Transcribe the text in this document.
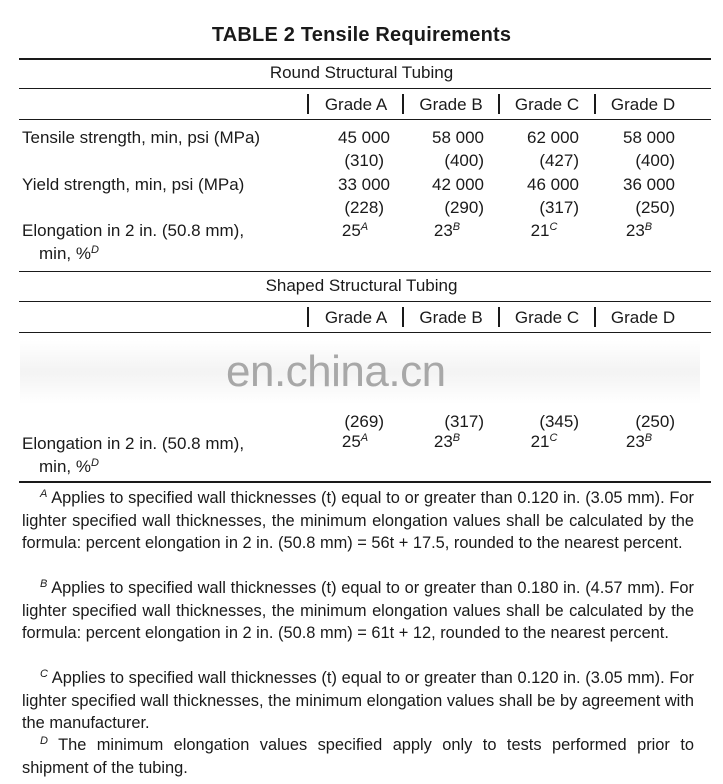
TABLE 2 Tensile Requirements
Round Structural Tubing
Grade A	Grade B	Grade C	Grade D
Tensile strength, min, psi (MPa)	45 000	58 000	62 000	58 000
(310)	(400)	(427)	(400)
Yield strength, min, psi (MPa)	33 000	42 000	46 000	36 000
(228)	(290)	(317)	(250)
Elongation in 2 in. (50.8 mm),
min, %$^D$
$25^A$	$23^B$	$21^C$	$23^B$
Shaped Structural Tubing
Grade A	Grade B	Grade C	Grade D
en.china.cn
(269)	(317)	(345)	(250)
Elongation in 2 in. (50.8 mm),
min, %$^D$
$25^A$	$23^B$	$21^C$	$23^B$
$^A$ Applies to specified wall thicknesses (t) equal to or greater than 0.120 in. (3.05 mm). For lighter specified wall thicknesses, the minimum elongation values shall be calculated by the formula: percent elongation in 2 in. (50.8 mm) = 56t + 17.5, rounded to the nearest percent.
$^B$ Applies to specified wall thicknesses (t) equal to or greater than 0.180 in. (4.57 mm). For lighter specified wall thicknesses, the minimum elongation values shall be calculated by the formula: percent elongation in 2 in. (50.8 mm) = 61t + 12, rounded to the nearest percent.
$^C$ Applies to specified wall thicknesses (t) equal to or greater than 0.120 in. (3.05 mm). For lighter specified wall thicknesses, the minimum elongation values shall be by agreement with the manufacturer.
$^D$ The minimum elongation values specified apply only to tests performed prior to shipment of the tubing.
